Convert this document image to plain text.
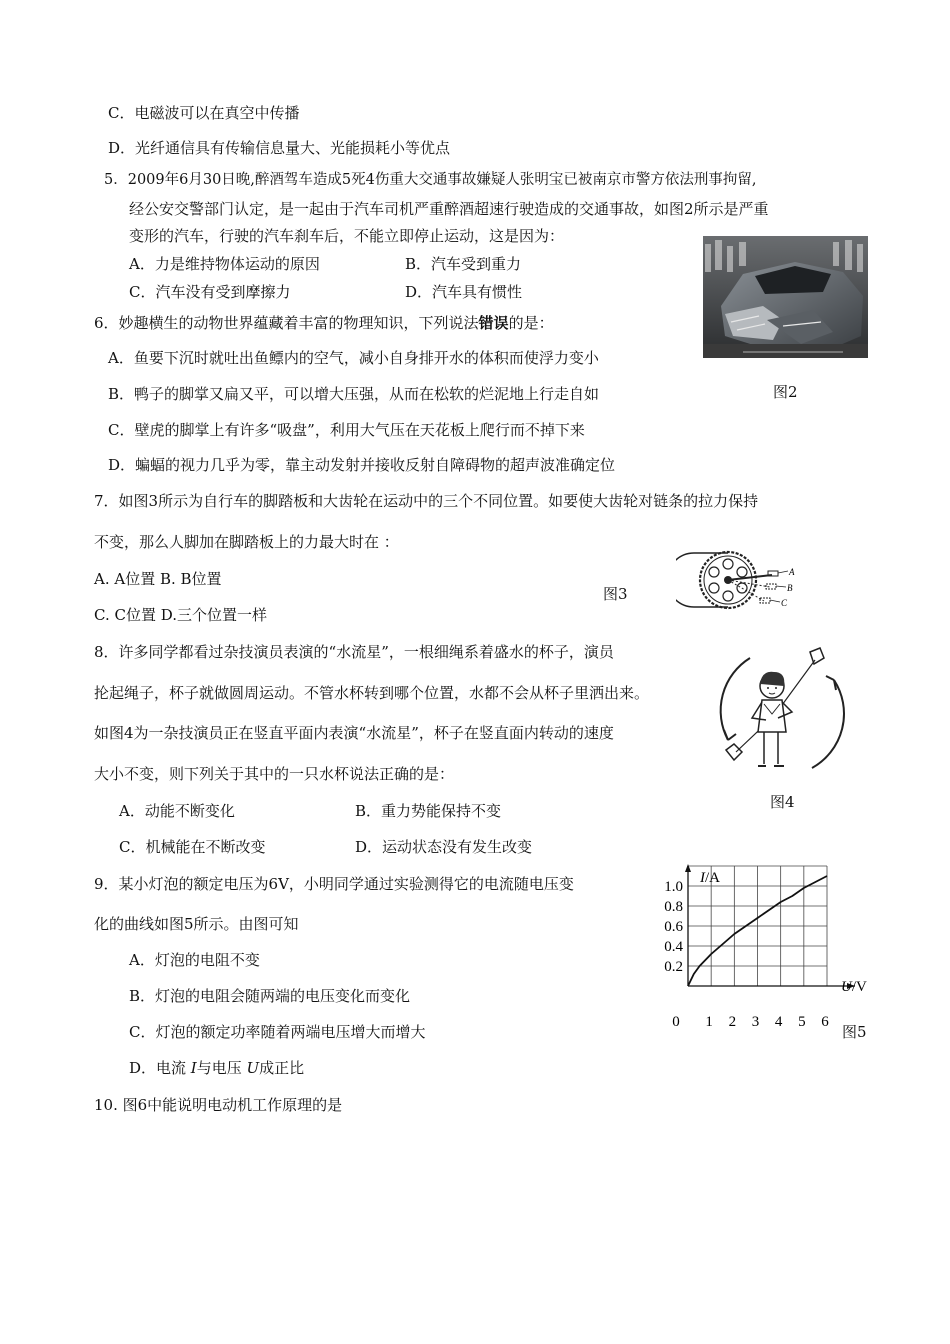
C．电磁波可以在真空中传播
D．光纤通信具有传输信息量大、光能损耗小等优点
5．2009年6月30日晚,醉酒驾车造成5死4伤重大交通事故嫌疑人张明宝已被南京市警方依法刑事拘留,
经公安交警部门认定，是一起由于汽车司机严重醉酒超速行驶造成的交通事故，如图2所示是严重
变形的汽车，行驶的汽车刹车后，不能立即停止运动，这是因为：
A．力是维持物体运动的原因	B．汽车受到重力
C．汽车没有受到摩擦力	D．汽车具有惯性
图2
6．妙趣横生的动物世界蕴藏着丰富的物理知识，下列说法错误的是：
A．鱼要下沉时就吐出鱼鳔内的空气，减小自身排开水的体积而使浮力变小
B．鸭子的脚掌又扁又平，可以增大压强，从而在松软的烂泥地上行走自如
C．壁虎的脚掌上有许多“吸盘”，利用大气压在天花板上爬行而不掉下来
D．蝙蝠的视力几乎为零，靠主动发射并接收反射自障碍物的超声波准确定位
7．如图3所示为自行车的脚踏板和大齿轮在运动中的三个不同位置。如要使大齿轮对链条的拉力保持
不变，那么人脚加在脚踏板上的力最大时在 ：
A. A位置 B. B位置
C. C位置 D.三个位置一样
图3
A
B
C
8．许多同学都看过杂技演员表演的“水流星”，一根细绳系着盛水的杯子，演员
抡起绳子，杯子就做圆周运动。不管水杯转到哪个位置，水都不会从杯子里洒出来。
如图4为一杂技演员正在竖直平面内表演“水流星”，杯子在竖直面内转动的速度
大小不变，则下列关于其中的一只水杯说法正确的是：
A．动能不断变化	B．重力势能保持不变
C．机械能在不断改变	D．运动状态没有发生改变
图4
9．某小灯泡的额定电压为6V，小明同学通过实验测得它的电流随电压变
化的曲线如图5所示。由图可知
A．灯泡的电阻不变
B．灯泡的电阻会随两端的电压变化而变化
C．灯泡的额定功率随着两端电压增大而增大
D．电流 I与电压 U成正比
I/A
U/V
0 1 2 3 4 5 6
0.2
0.4
0.6
0.8
1.0
图5
10. 图6中能说明电动机工作原理的是
